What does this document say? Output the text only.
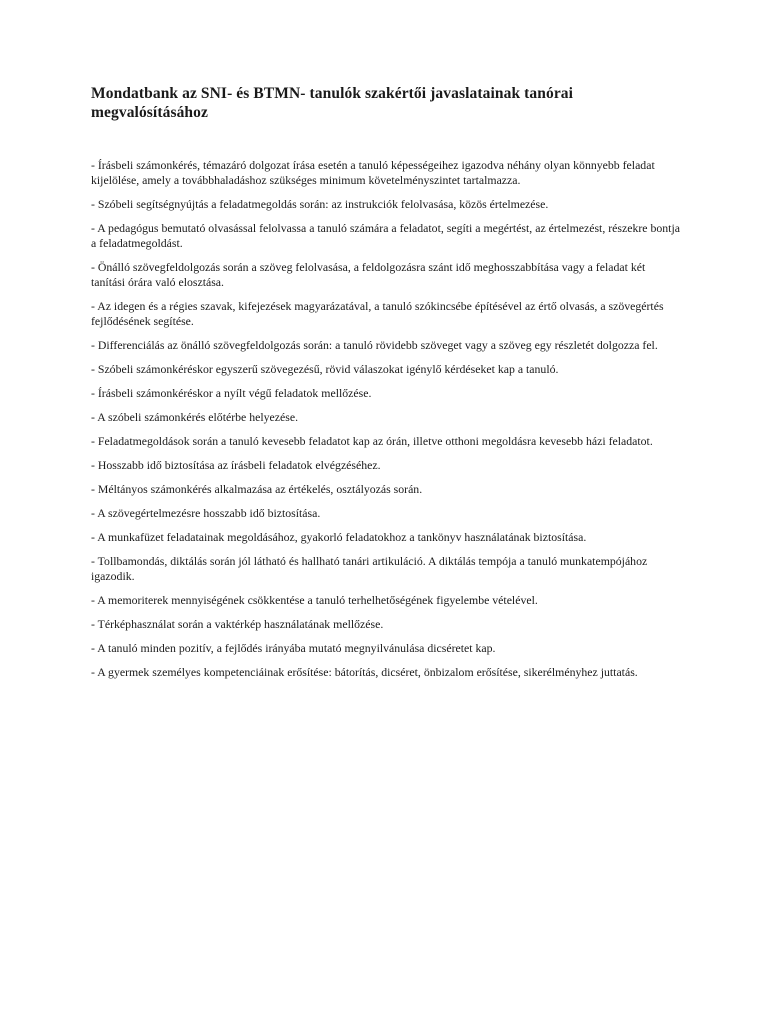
Mondatbank az SNI- és BTMN- tanulók szakértői javaslatainak tanórai megvalósításához
- Írásbeli számonkérés, témazáró dolgozat írása esetén a tanuló képességeihez igazodva néhány olyan könnyebb feladat kijelölése, amely a továbbhaladáshoz szükséges minimum követelményszintet tartalmazza.
- Szóbeli segítségnyújtás a feladatmegoldás során: az instrukciók felolvasása, közös értelmezése.
- A pedagógus bemutató olvasással felolvassa a tanuló számára a feladatot, segíti a megértést, az értelmezést, részekre bontja a feladatmegoldást.
- Önálló szövegfeldolgozás során a szöveg felolvasása, a feldolgozásra szánt idő meghosszabbítása vagy a feladat két tanítási órára való elosztása.
- Az idegen és a régies szavak, kifejezések magyarázatával, a tanuló szókincsébe építésével az értő olvasás, a szövegértés fejlődésének segítése.
- Differenciálás az önálló szövegfeldolgozás során: a tanuló rövidebb szöveget vagy a szöveg egy részletét dolgozza fel.
- Szóbeli számonkéréskor egyszerű szövegezésű, rövid válaszokat igénylő kérdéseket kap a tanuló.
- Írásbeli számonkéréskor a nyílt végű feladatok mellőzése.
- A szóbeli számonkérés előtérbe helyezése.
- Feladatmegoldások során a tanuló kevesebb feladatot kap az órán, illetve otthoni megoldásra kevesebb házi feladatot.
- Hosszabb idő biztosítása az írásbeli feladatok elvégzéséhez.
- Méltányos számonkérés alkalmazása az értékelés, osztályozás során.
- A szövegértelmezésre hosszabb idő biztosítása.
- A munkafüzet feladatainak megoldásához, gyakorló feladatokhoz a tankönyv használatának biztosítása.
- Tollbamondás, diktálás során jól látható és hallható tanári artikuláció. A diktálás tempója a tanuló munkatempójához igazodik.
- A memoriterek mennyiségének csökkentése a tanuló terhelhetőségének figyelembe vételével.
- Térképhasználat során a vaktérkép használatának mellőzése.
- A tanuló minden pozitív, a fejlődés irányába mutató megnyilvánulása dicséretet kap.
- A gyermek személyes kompetenciáinak erősítése: bátorítás, dicséret, önbizalom erősítése, sikerélményhez juttatás.
